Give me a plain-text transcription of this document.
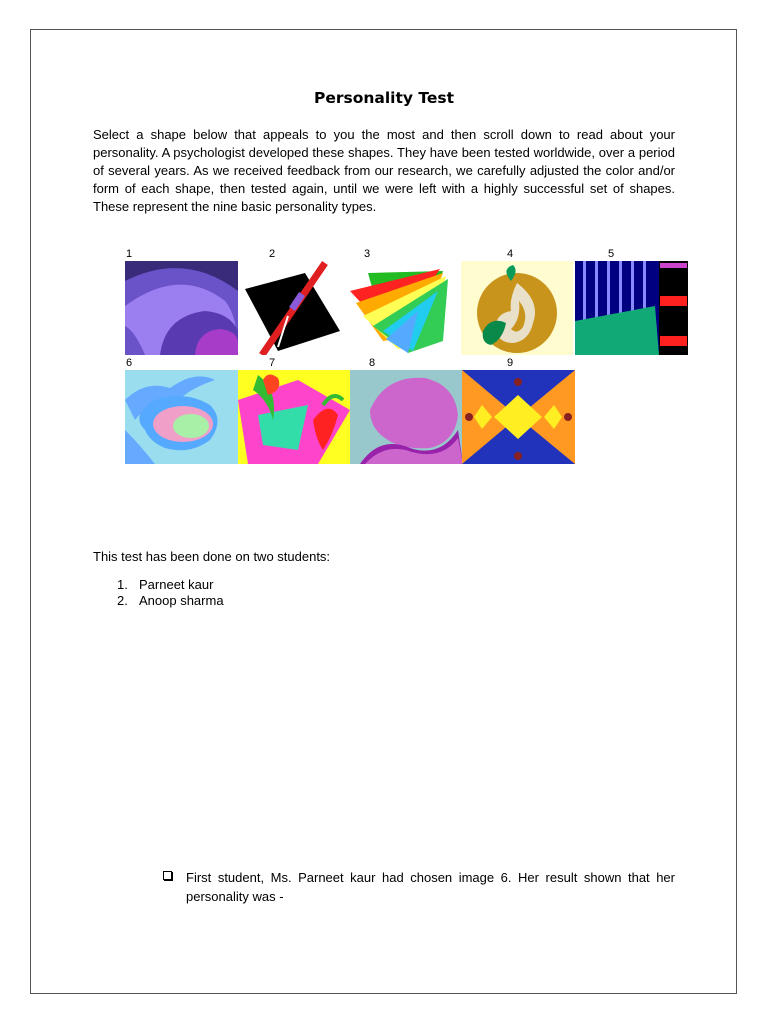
Personality Test
Select a shape below that appeals to you the most and then scroll down to read about your personality. A psychologist developed these shapes. They have been tested worldwide, over a period of several years. As we received feedback from our research, we carefully adjusted the color and/or form of each shape, then tested again, until we were left with a highly successful set of shapes. These represent the nine basic personality types.
1	2	3	4	5
6	7	8	9
This test has been done on two students:
1. Parneet kaur
2. Anoop sharma
First student, Ms. Parneet kaur had chosen image 6. Her result shown that her personality was -
